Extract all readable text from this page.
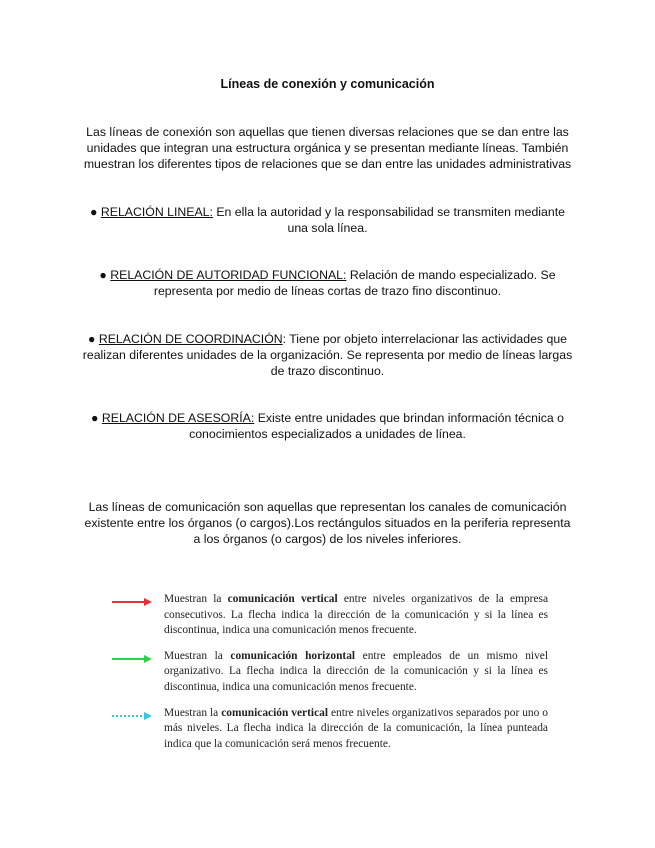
Líneas de conexión y comunicación
Las líneas de conexión son aquellas que tienen diversas relaciones que se dan entre las unidades que integran una estructura orgánica y se presentan mediante líneas. También muestran los diferentes tipos de relaciones que se dan entre las unidades administrativas
● RELACIÓN LINEAL: En ella la autoridad y la responsabilidad se transmiten mediante una sola línea.
● RELACIÓN DE AUTORIDAD FUNCIONAL: Relación de mando especializado. Se representa por medio de líneas cortas de trazo fino discontinuo.
● RELACIÓN DE COORDINACIÓN: Tiene por objeto interrelacionar las actividades que realizan diferentes unidades de la organización. Se representa por medio de líneas largas de trazo discontinuo.
● RELACIÓN DE ASESORÍA: Existe entre unidades que brindan información técnica o conocimientos especializados a unidades de línea.
Las líneas de comunicación son aquellas que representan los canales de comunicación existente entre los órganos (o cargos).Los rectángulos situados en la periferia representa a los órganos (o cargos) de los niveles inferiores.
Muestran la comunicación vertical entre niveles organizativos de la empresa consecutivos. La flecha indica la dirección de la comunicación y si la línea es discontinua, indica una comunicación menos frecuente.
Muestran la comunicación horizontal entre empleados de un mismo nivel organizativo. La flecha indica la dirección de la comunicación y si la línea es discontinua, indica una comunicación menos frecuente.
Muestran la comunicación vertical entre niveles organizativos separados por uno o más niveles. La flecha indica la dirección de la comunicación, la línea punteada indica que la comunicación será menos frecuente.
